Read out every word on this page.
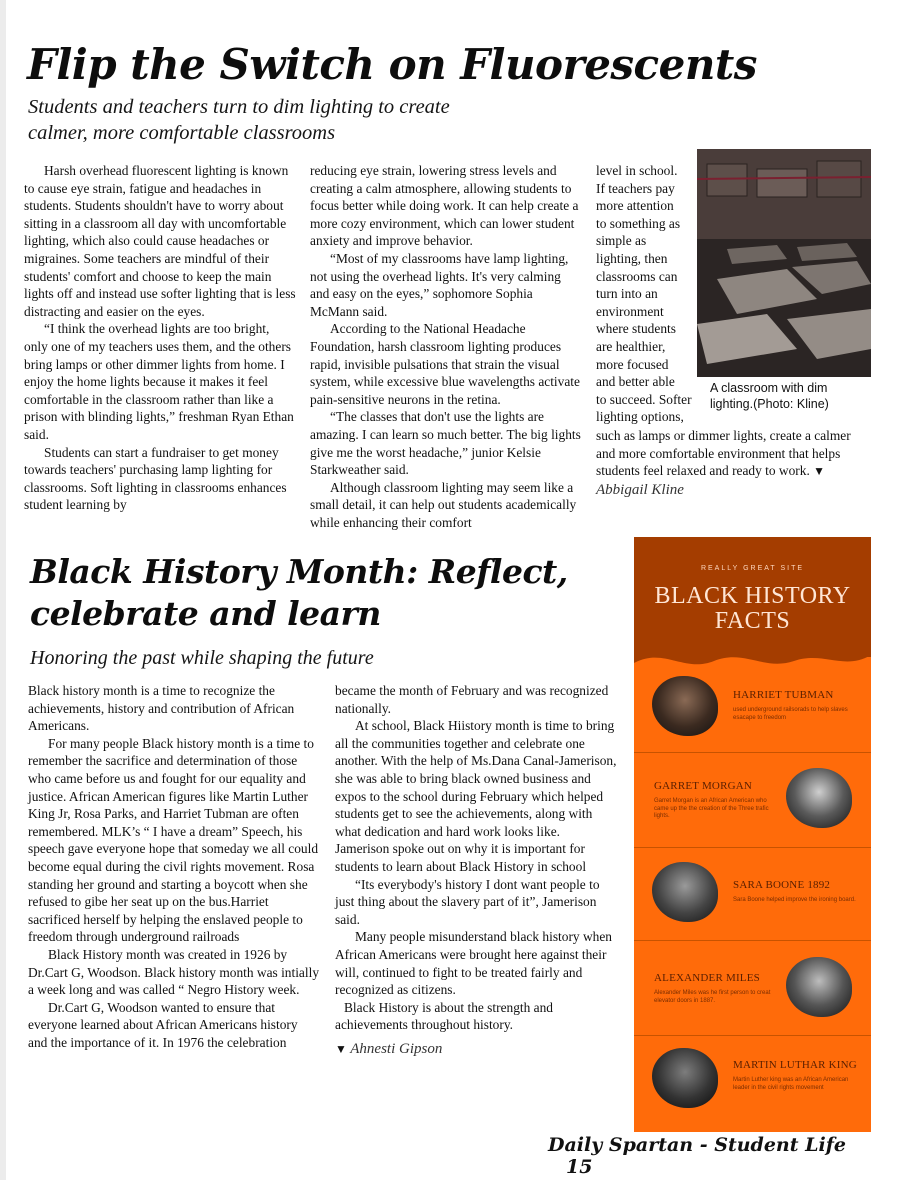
Flip the Switch on Fluorescents
Students and teachers turn to dim lighting to create
calmer, more comfortable classrooms

Harsh overhead fluorescent lighting is known to cause eye strain, fatigue and headaches in students. Students shouldn't have to worry about sitting in a classroom all day with uncomfortable lighting, which also could cause headaches or migraines. Some teachers are mindful of their students' comfort and choose to keep the main lights off and instead use softer lighting that is less distracting and easier on the eyes.

“I think the overhead lights are too bright, only one of my teachers uses them, and the others bring lamps or other dimmer lights from home. I enjoy the home lights because it makes it feel comfortable in the classroom rather than like a prison with blinding lights,” freshman Ryan Ethan said.

Students can start a fundraiser to get money towards teachers' purchasing lamp lighting for classrooms. Soft lighting in classrooms enhances student learning by

reducing eye strain, lowering stress levels and creating a calm atmosphere, allowing students to focus better while doing work. It can help create a more cozy environment, which can lower student anxiety and improve behavior.

“Most of my classrooms have lamp lighting, not using the overhead lights. It's very calming and easy on the eyes,” sophomore Sophia McMann said.

According to the National Headache Foundation, harsh classroom lighting produces rapid, invisible pulsations that strain the visual system, while excessive blue wavelengths activate pain-sensitive neurons in the retina.

“The classes that don't use the lights are amazing. I can learn so much better. The big lights give me the worst headache,” junior Kelsie Starkweather said.

Although classroom lighting may seem like a small detail, it can help out students academically while enhancing their comfort

level in school.
If teachers pay
more attention
to something as
simple as
lighting, then
classrooms can
turn into an
environment
where students
are healthier,
more focused
and better able
to succeed. Softer
lighting options,
A classroom with dim lighting.(Photo: Kline)
such as lamps or dimmer lights, create a calmer and more comfortable environment that helps students feel relaxed and ready to work. ▼ Abbigail Kline
Black History Month: Reflect,
celebrate and learn
Honoring the past while shaping the future

Black history month is a time to recognize the achievements, history and contribution of African Americans.

For many people Black history month is a time to remember the sacrifice and determination of those who came before us and fought for our equality and justice. African American figures like Martin Luther King Jr, Rosa Parks, and Harriet Tubman are often remembered. MLK’s “ I have a dream” Speech, his speech gave everyone hope that someday we all could become equal during the civil rights movement. Rosa standing her ground and starting a boycott when she refused to gibe her seat up on the bus.Harriet sacrificed herself by helping the enslaved people to freedom through underground railroads

Black History month was created in 1926 by Dr.Cart G, Woodson. Black history month was intially a week long and was called “ Negro History week.

Dr.Cart G, Woodson wanted to ensure that everyone learned about African Americans history and the importance of it. In 1976 the celebration

became the month of February and was recognized nationally.

At school, Black Hiistory month is time to bring all the communities together and celebrate one another. With the help of Ms.Dana Canal-Jamerison, she was able to bring black owned business and expos to the school during February which helped students get to see the achievements, along with what dedication and hard work looks like.

Jamerison spoke out on why it is important for students to learn about Black History in school

“Its everybody's history I dont want people to just thing about the slavery part of it”, Jamerison said.

Many people misunderstand black history when African Americans were brought here against their will, continued to fight to be treated fairly and recognized as citizens.

Black History is about the strength and achievements throughout history.

▼ Ahnesti Gipson

REALLY GREAT SITE
BLACK HISTORY
FACTS
HARRIET TUBMAN
used underground railsorads to help slaves esacape to freedom
GARRET MORGAN
Garret Morgan is an African American who came up the the creation of the Three trafic lights.
SARA BOONE 1892
Sara Boone helped improve the ironing board.
ALEXANDER MILES
Alexander Miles was he first person to creat elevator doors in 1887.
MARTIN LUTHAR KING
Martin Luther king was an African American leader in the civil rights movement
Daily Spartan - Student Life 15
